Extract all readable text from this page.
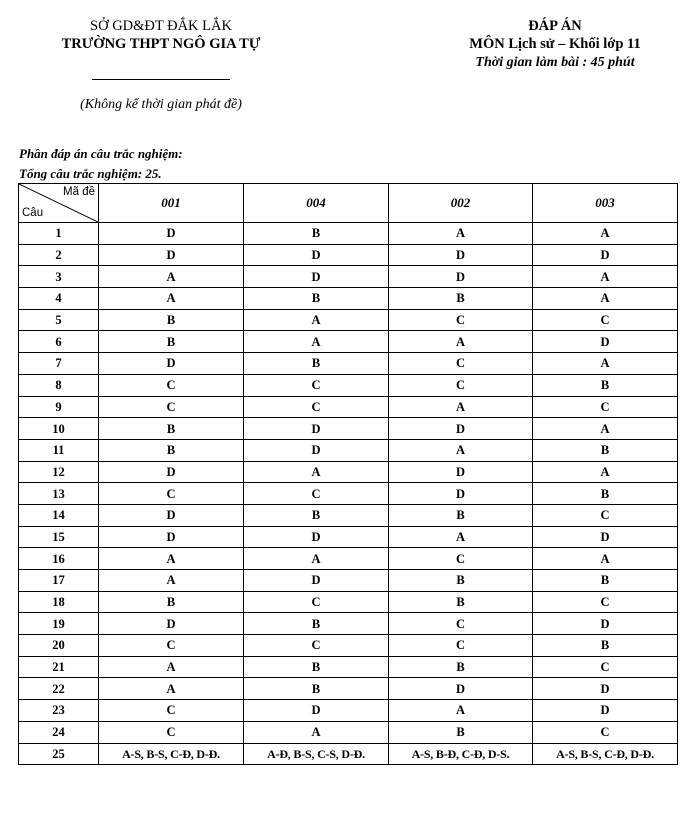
SỞ GD&ĐT ĐẮK LẮK
TRƯỜNG THPT NGÔ GIA TỰ
(Không kể thời gian phát đề)
ĐÁP ÁN
MÔN Lịch sử – Khối lớp 11
Thời gian làm bài : 45 phút
Phần đáp án câu trắc nghiệm:
Tổng câu trắc nghiệm: 25.
Mã đề
Câu	001	004	002	003
1	D	B	A	A
2	D	D	D	D
3	A	D	D	A
4	A	B	B	A
5	B	A	C	C
6	B	A	A	D
7	D	B	C	A
8	C	C	C	B
9	C	C	A	C
10	B	D	D	A
11	B	D	A	B
12	D	A	D	A
13	C	C	D	B
14	D	B	B	C
15	D	D	A	D
16	A	A	C	A
17	A	D	B	B
18	B	C	B	C
19	D	B	C	D
20	C	C	C	B
21	A	B	B	C
22	A	B	D	D
23	C	D	A	D
24	C	A	B	C
25	A-S, B-S, C-Đ, D-Đ.	A-Đ, B-S, C-S, D-Đ.	A-S, B-Đ, C-Đ, D-S.	A-S, B-S, C-Đ, D-Đ.
